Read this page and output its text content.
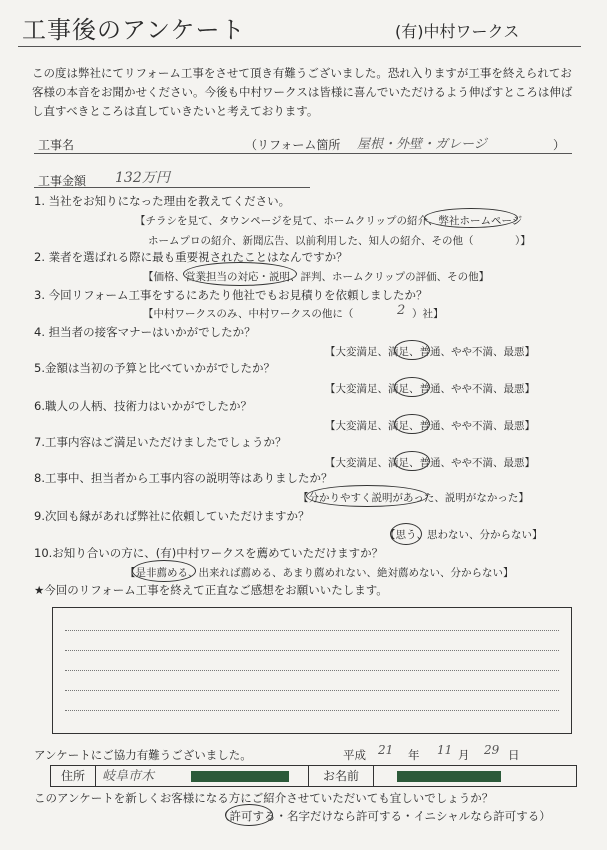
工事後のアンケート	(有)中村ワークス
この度は弊社にてリフォーム工事をさせて頂き有難うございました。恐れ入りますが工事を終えられてお客様の本音をお聞かせください。今後も中村ワークスは皆様に喜んでいただけるよう伸ばすところは伸ばし直すべきところは直していきたいと考えております。
工事名	（リフォーム箇所 屋根・外壁・ガレージ	）
工事金額 132万円
1. 当社をお知りになった理由を教えてください。
【チラシを見て、タウンページを見て、ホームクリップの紹介、弊社ホームページ
ホームプロの紹介、新聞広告、以前利用した、知人の紹介、その他（	）】
2. 業者を選ばれる際に最も重要視されたことはなんですか？
【価格、営業担当の対応・説明、評判、ホームクリップの評価、その他】
3. 今回リフォーム工事をするにあたり他社でもお見積りを依頼しましたか？
【中村ワークスのみ、中村ワークスの他に（	2 ）社】
4. 担当者の接客マナーはいかがでしたか？
【大変満足、満足、普通、やや不満、最悪】
5.金額は当初の予算と比べていかがでしたか？
【大変満足、満足、普通、やや不満、最悪】
6.職人の人柄、技術力はいかがでしたか？
【大変満足、満足、普通、やや不満、最悪】
7.工事内容はご満足いただけましたでしょうか？
【大変満足、満足、普通、やや不満、最悪】
8.工事中、担当者から工事内容の説明等はありましたか？
【分かりやすく説明があった、説明がなかった】
9.次回も縁があれば弊社に依頼していただけますか？
【思う、思わない、分からない】
10.お知り合いの方に、(有)中村ワークスを薦めていただけますか？
【是非薦める、出来れば薦める、あまり薦めれない、絶対薦めない、分からない】
★今回のリフォーム工事を終えて正直なご感想をお願いいたします。
アンケートにご協力有難うございました。	平成 21 年 11 月 29 日
住所	岐阜市木	お名前
このアンケートを新しくお客様になる方にご紹介させていただいても宜しいでしょうか？
（許可する・名字だけなら許可する・イニシャルなら許可する）
